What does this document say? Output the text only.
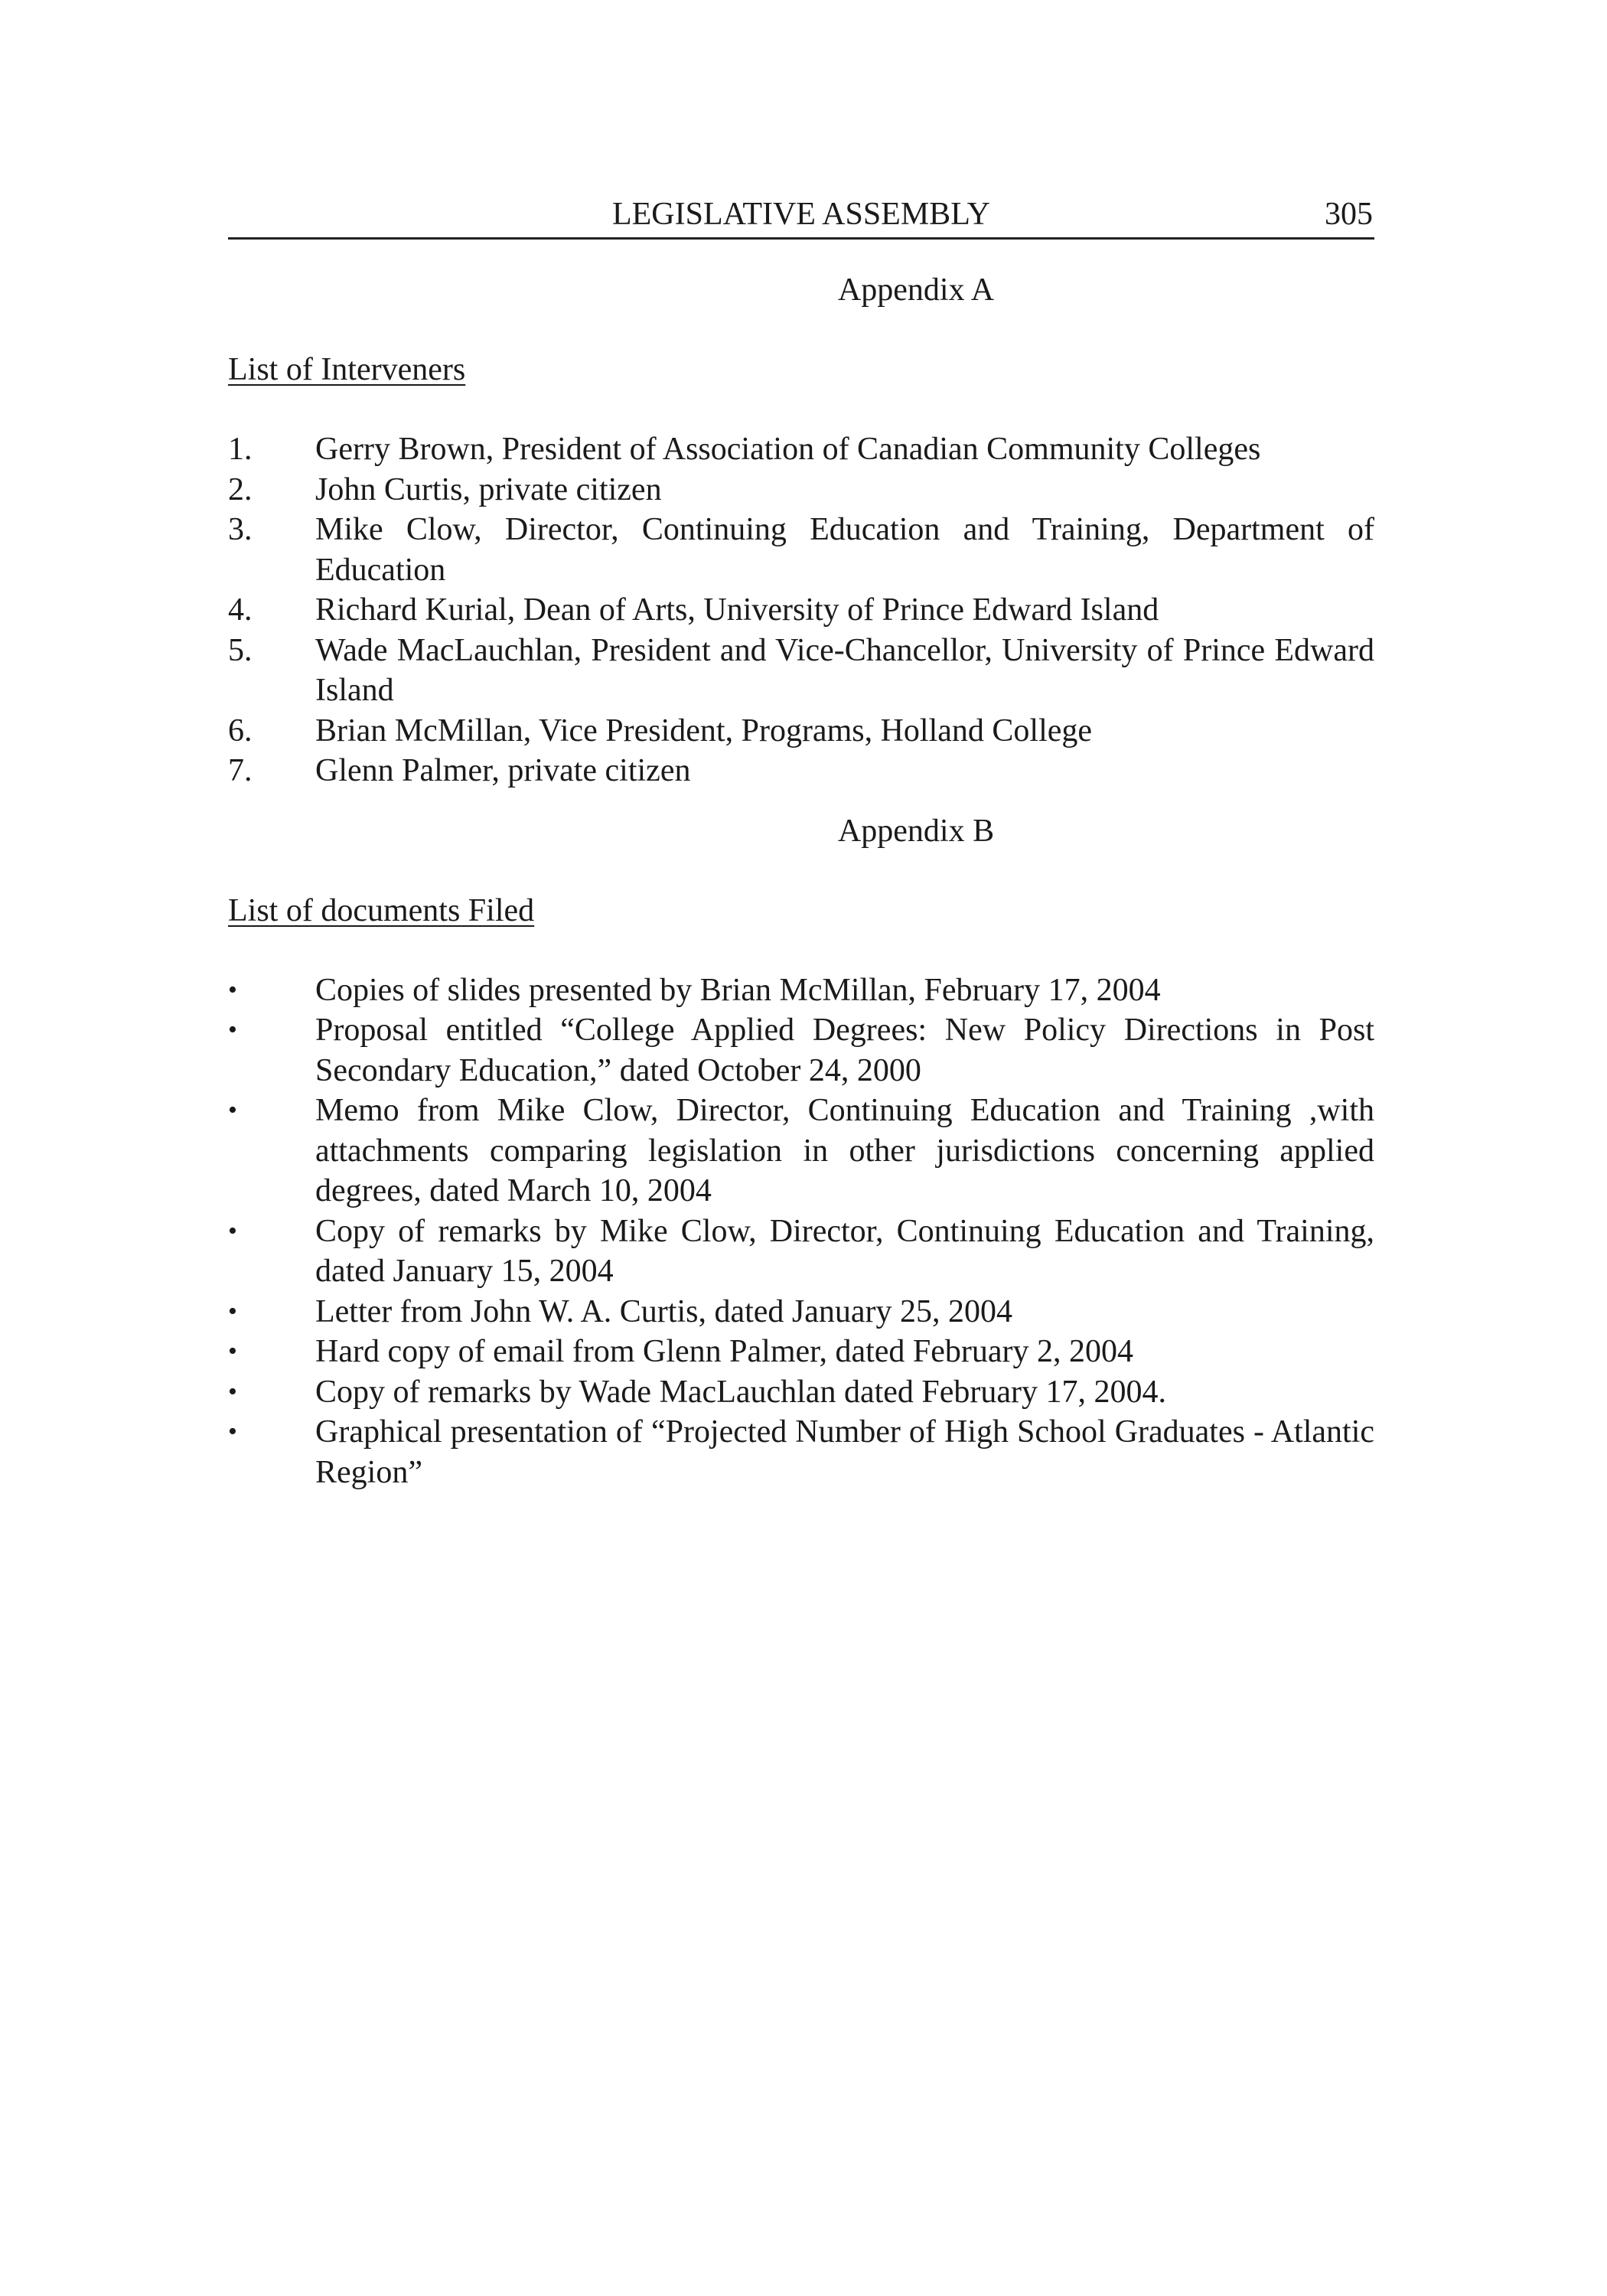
LEGISLATIVE ASSEMBLY	305
Appendix A
List of Interveners
1. Gerry Brown, President of Association of Canadian Community Colleges
2. John Curtis, private citizen
3. Mike Clow, Director, Continuing Education and Training, Department of Education
4. Richard Kurial, Dean of Arts, University of Prince Edward Island
5. Wade MacLauchlan, President and Vice-Chancellor, University of Prince Edward Island
6. Brian McMillan, Vice President, Programs, Holland College
7. Glenn Palmer, private citizen
Appendix B
List of documents Filed
• Copies of slides presented by Brian McMillan, February 17, 2004
• Proposal entitled “College Applied Degrees: New Policy Directions in Post Secondary Education,” dated October 24, 2000
• Memo from Mike Clow, Director, Continuing Education and Training ,with attachments comparing legislation in other jurisdictions concerning applied degrees, dated March 10, 2004
• Copy of remarks by Mike Clow, Director, Continuing Education and Training, dated January 15, 2004
• Letter from John W. A. Curtis, dated January 25, 2004
• Hard copy of email from Glenn Palmer, dated February 2, 2004
• Copy of remarks by Wade MacLauchlan dated February 17, 2004.
• Graphical presentation of “Projected Number of High School Graduates - Atlantic Region”
